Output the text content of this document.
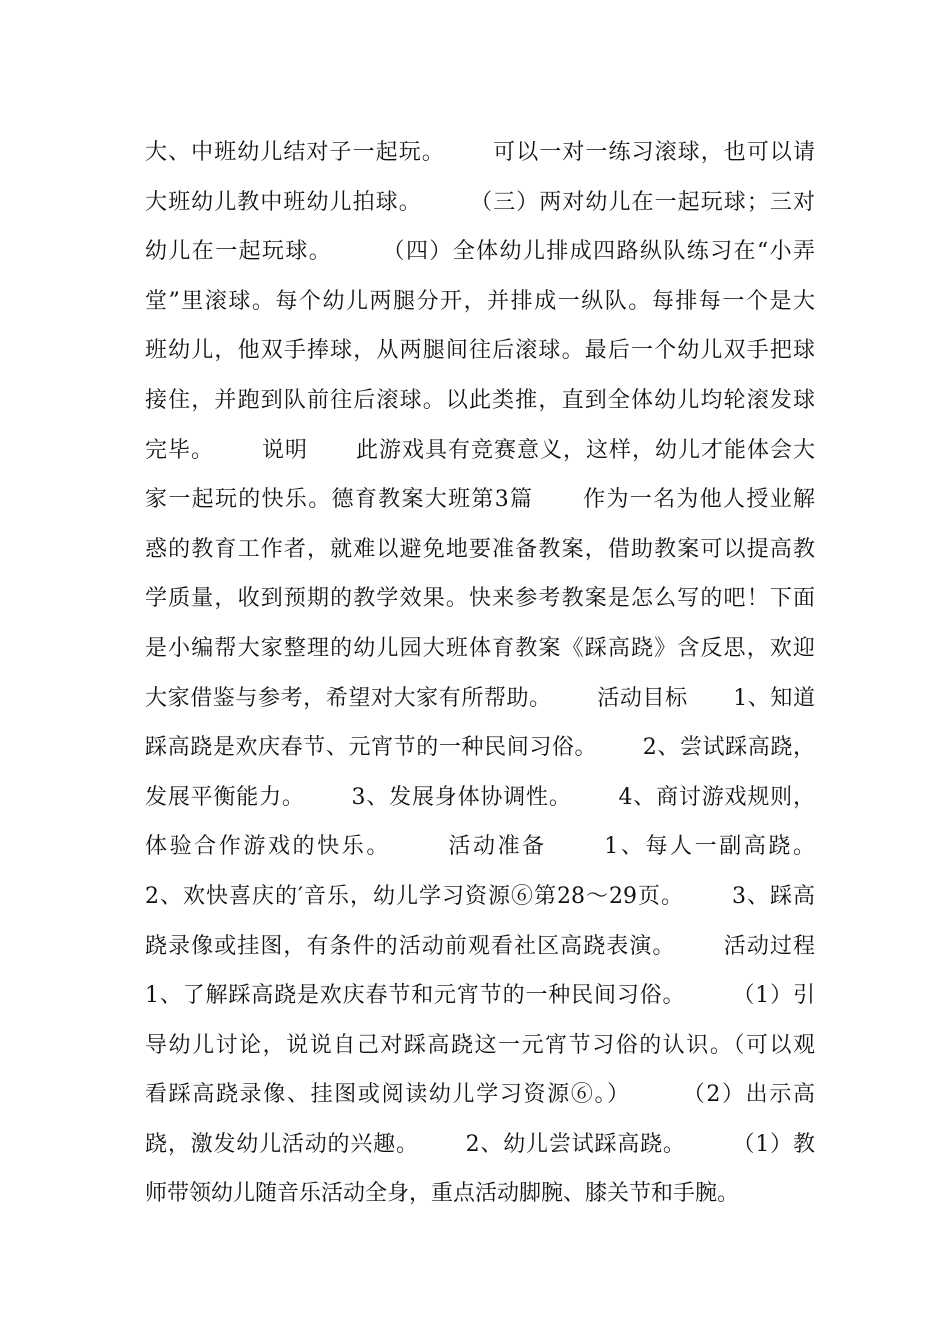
大、中班幼儿结对子一起玩。      可以一对一练习滚球，也可以请
大班幼儿教中班幼儿拍球。      （三）两对幼儿在一起玩球；三对
幼儿在一起玩球。      （四）全体幼儿排成四路纵队练习在“小弄
堂”里滚球。每个幼儿两腿分开，并排成一纵队。每排每一个是大
班幼儿，他双手捧球，从两腿间往后滚球。最后一个幼儿双手把球
接住，并跑到队前往后滚球。以此类推，直到全体幼儿均轮滚发球
完毕。      说明      此游戏具有竞赛意义，这样，幼儿才能体会大
家一起玩的快乐。德育教案大班第3篇      作为一名为他人授业解
惑的教育工作者，就难以避免地要准备教案，借助教案可以提高教
学质量，收到预期的教学效果。快来参考教案是怎么写的吧！下面
是小编帮大家整理的幼儿园大班体育教案《踩高跷》含反思，欢迎
大家借鉴与参考，希望对大家有所帮助。      活动目标      1、知道
踩高跷是欢庆春节、元宵节的一种民间习俗。      2、尝试踩高跷，
发展平衡能力。      3、发展身体协调性。      4、商讨游戏规则，
体验合作游戏的快乐。      活动准备      1、每人一副高跷。
2、欢快喜庆的′音乐，幼儿学习资源⑥第28～29页。      3、踩高
跷录像或挂图，有条件的活动前观看社区高跷表演。      活动过程
1、了解踩高跷是欢庆春节和元宵节的一种民间习俗。      （1）引
导幼儿讨论，说说自己对踩高跷这一元宵节习俗的认识。（可以观
看踩高跷录像、挂图或阅读幼儿学习资源⑥。）      （2）出示高
跷，激发幼儿活动的兴趣。      2、幼儿尝试踩高跷。      （1）教
师带领幼儿随音乐活动全身，重点活动脚腕、膝关节和手腕。
